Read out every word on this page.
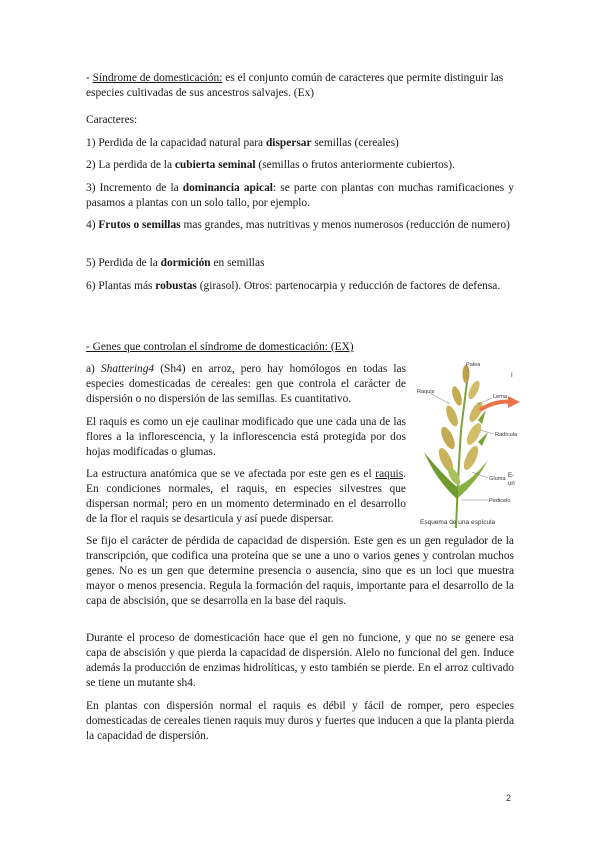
- Síndrome de domesticación: es el conjunto común de caracteres que permite distinguir las especies cultivadas de sus ancestros salvajes. (Ex)

Caracteres:

1) Perdida de la capacidad natural para dispersar semillas (cereales)

2) La perdida de la cubierta seminal (semillas o frutos anteriormente cubiertos).

3) Incremento de la dominancia apical: se parte con plantas con muchas ramificaciones y pasamos a plantas con un solo tallo, por ejemplo.

4) Frutos o semillas mas grandes, mas nutritivas y menos numerosos (reducción de numero)

5) Perdida de la dormición en semillas

6) Plantas más robustas (girasol). Otros: partenocarpia y reducción de factores de defensa.

- Genes que controlan el síndrome de domesticación: (EX)

a) Shattering4 (Sh4) en arroz, pero hay homólogos en todas las especies domesticadas de cereales: gen que controla el carácter de dispersión o no dispersión de las semillas. Es cuantitativo.

El raquis es como un eje caulinar modificado que une cada una de las flores a la inflorescencia, y la inflorescencia está protegida por dos hojas modificadas o glumas.

La estructura anatómica que se ve afectada por este gen es el raquis. En condiciones normales, el raquis, en especies silvestres que dispersan normal; pero en un momento determinado en el desarrollo de la flor el raquis se desarticula y así puede dispersar.

Se fijo el carácter de pérdida de capacidad de dispersión. Este gen es un gen regulador de la transcripción, que codifica una proteína que se une a uno o varios genes y controlan muchos genes. No es un gen que determine presencia o ausencia, sino que es un loci que muestra mayor o menos presencia. Regula la formación del raquis, importante para el desarrollo de la capa de abscisión, que se desarrolla en la base del raquis.

Durante el proceso de domesticación hace que el gen no funcione, y que no se genere esa capa de abscisión y que pierda la capacidad de dispersión. Alelo no funcional del gen. Induce además la producción de enzimas hidrolíticas, y esto también se pierde. En el arroz cultivado se tiene un mutante sh4.

En plantas con dispersión normal el raquis es débil y fácil de romper, pero especies domesticadas de cereales tienen raquis muy duros y fuertes que inducen a que la planta pierda la capacidad de dispersión.

Palea
Raquis
Lema
Radícula
Gluma
Pedicelo
Esquema de una espícula
I
E-
un
2
